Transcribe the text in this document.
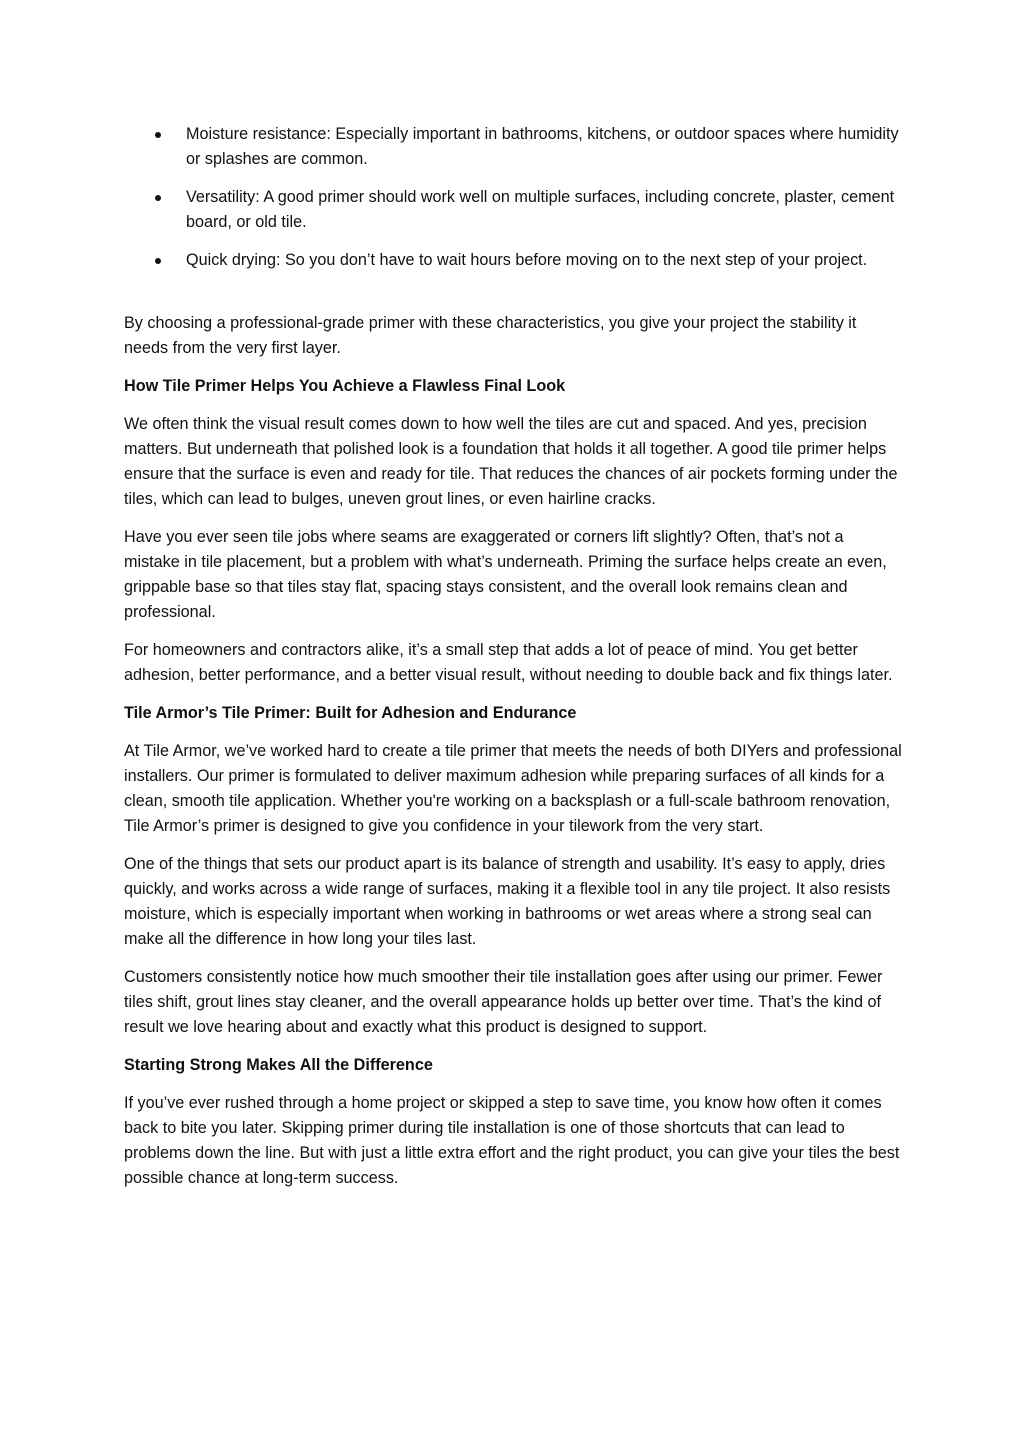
Moisture resistance: Especially important in bathrooms, kitchens, or outdoor spaces where humidity or splashes are common.
Versatility: A good primer should work well on multiple surfaces, including concrete, plaster, cement board, or old tile.
Quick drying: So you don’t have to wait hours before moving on to the next step of your project.

By choosing a professional-grade primer with these characteristics, you give your project the stability it needs from the very first layer.

How Tile Primer Helps You Achieve a Flawless Final Look

We often think the visual result comes down to how well the tiles are cut and spaced. And yes, precision matters. But underneath that polished look is a foundation that holds it all together. A good tile primer helps ensure that the surface is even and ready for tile. That reduces the chances of air pockets forming under the tiles, which can lead to bulges, uneven grout lines, or even hairline cracks.

Have you ever seen tile jobs where seams are exaggerated or corners lift slightly? Often, that’s not a mistake in tile placement, but a problem with what’s underneath. Priming the surface helps create an even, grippable base so that tiles stay flat, spacing stays consistent, and the overall look remains clean and professional.

For homeowners and contractors alike, it’s a small step that adds a lot of peace of mind. You get better adhesion, better performance, and a better visual result, without needing to double back and fix things later.

Tile Armor’s Tile Primer: Built for Adhesion and Endurance

At Tile Armor, we’ve worked hard to create a tile primer that meets the needs of both DIYers and professional installers. Our primer is formulated to deliver maximum adhesion while preparing surfaces of all kinds for a clean, smooth tile application. Whether you're working on a backsplash or a full-scale bathroom renovation, Tile Armor’s primer is designed to give you confidence in your tilework from the very start.

One of the things that sets our product apart is its balance of strength and usability. It’s easy to apply, dries quickly, and works across a wide range of surfaces, making it a flexible tool in any tile project. It also resists moisture, which is especially important when working in bathrooms or wet areas where a strong seal can make all the difference in how long your tiles last.

Customers consistently notice how much smoother their tile installation goes after using our primer. Fewer tiles shift, grout lines stay cleaner, and the overall appearance holds up better over time. That’s the kind of result we love hearing about and exactly what this product is designed to support.

Starting Strong Makes All the Difference

If you’ve ever rushed through a home project or skipped a step to save time, you know how often it comes back to bite you later. Skipping primer during tile installation is one of those shortcuts that can lead to problems down the line. But with just a little extra effort and the right product, you can give your tiles the best possible chance at long-term success.
